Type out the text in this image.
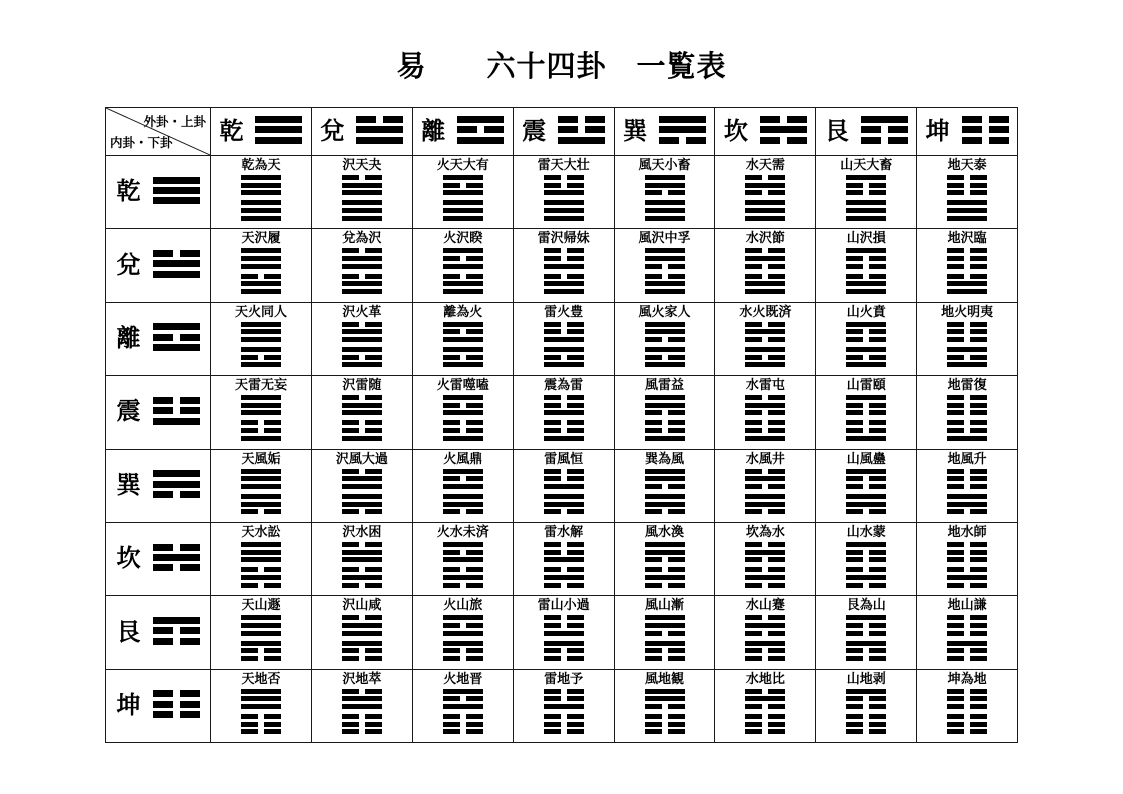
易　　六十四卦　一覧表
外卦・上卦
内卦・下卦 乾	兌	離	震	巽	坎	艮	坤
乾
乾為天	沢天夬	火天大有	雷天大壮	風天小畜	水天需	山天大畜	地天泰
兌
天沢履	兌為沢	火沢睽	雷沢帰妹	風沢中孚	水沢節	山沢損	地沢臨
離
天火同人	沢火革	離為火	雷火豊	風火家人	水火既済	山火賁	地火明夷
震
天雷无妄	沢雷随	火雷噬嗑	震為雷	風雷益	水雷屯	山雷頤	地雷復
巽
天風姤	沢風大過	火風鼎	雷風恒	巽為風	水風井	山風蠱	地風升
坎
天水訟	沢水困	火水未済	雷水解	風水渙	坎為水	山水蒙	地水師
艮
天山遯	沢山咸	火山旅	雷山小過	風山漸	水山蹇	艮為山	地山謙
坤
天地否	沢地萃	火地晋	雷地予	風地観	水地比	山地剥	坤為地
